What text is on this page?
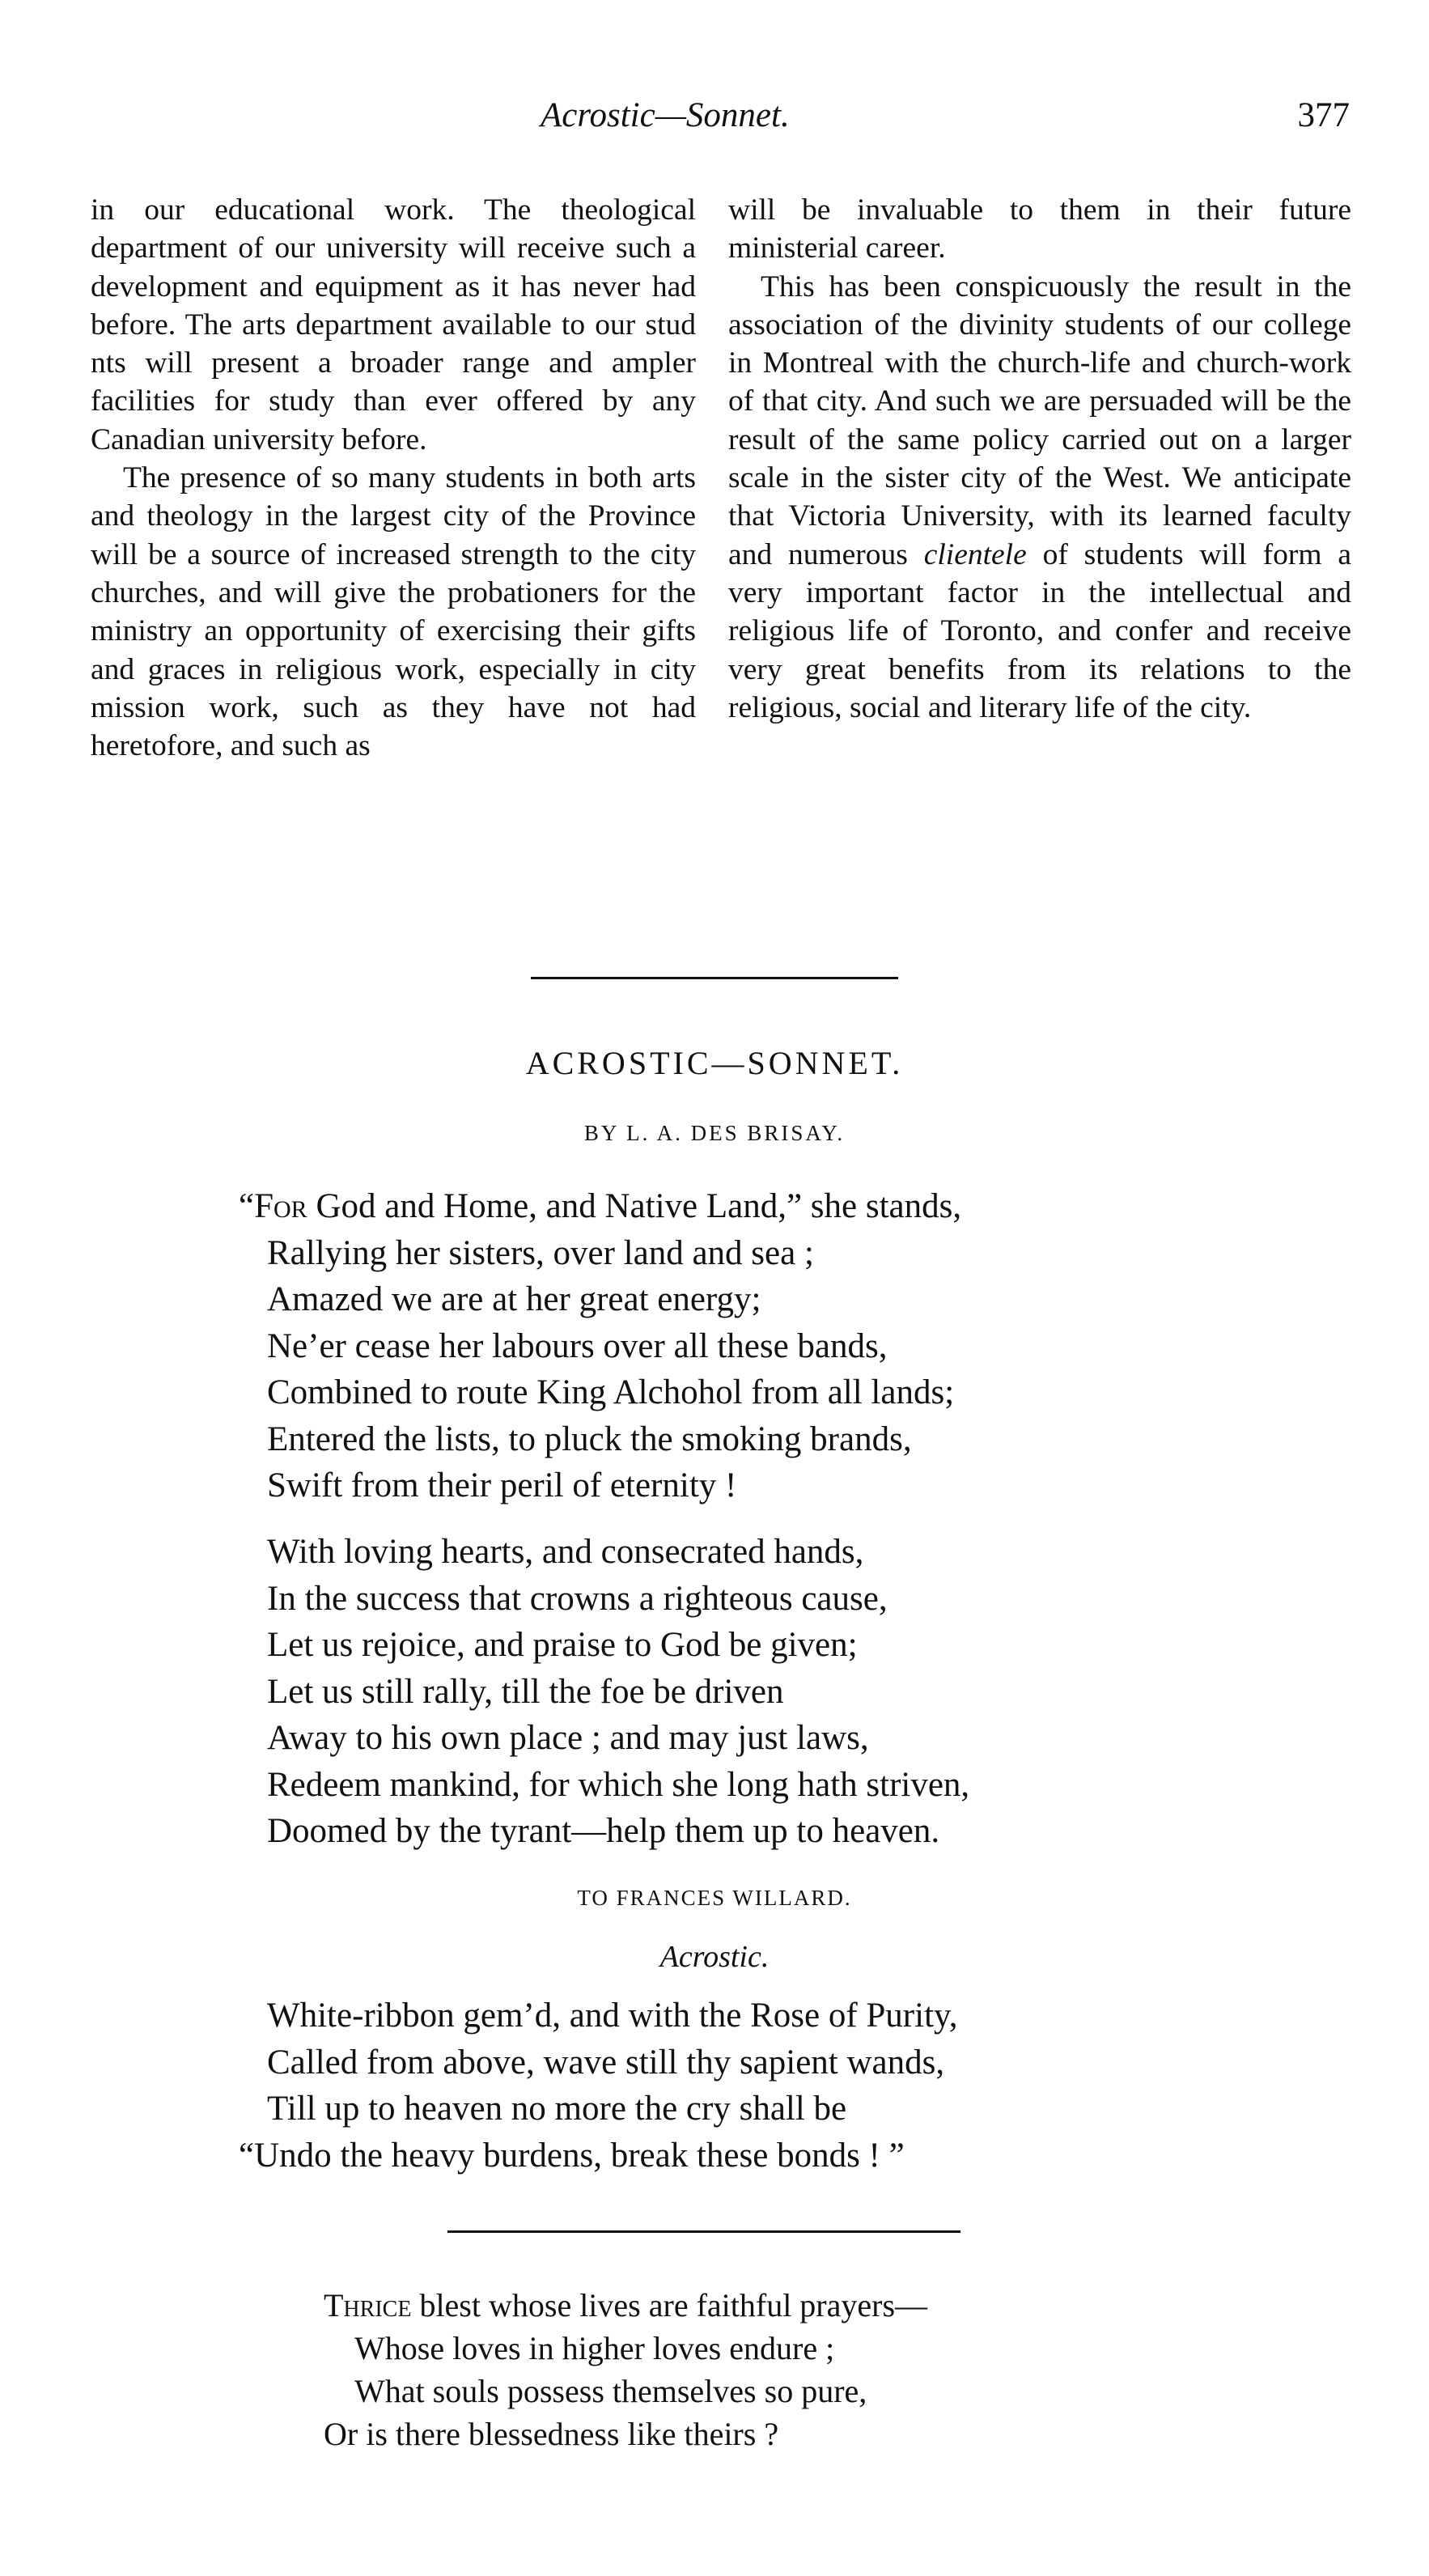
Acrostic—Sonnet.	377

in our educational work. The theological department of our university will receive such a development and equipment as it has never had before. The arts department available to our stud nts will present a broader range and ampler facilities for study than ever offered by any Canadian university before.

The presence of so many students in both arts and theology in the largest city of the Province will be a source of increased strength to the city churches, and will give the probationers for the ministry an opportunity of exercising their gifts and graces in religious work, especially in city mission work, such as they have not had heretofore, and such as

will be invaluable to them in their future ministerial career.

This has been conspicuously the result in the association of the divinity students of our college in Montreal with the church-life and church-work of that city. And such we are persuaded will be the result of the same policy carried out on a larger scale in the sister city of the West. We anticipate that Victoria University, with its learned faculty and numerous clientele of students will form a very important factor in the intellectual and religious life of Toronto, and confer and receive very great benefits from its relations to the religious, social and literary life of the city.

ACROSTIC—SONNET.
BY L. A. DES BRISAY.
“For God and Home, and Native Land,” she stands,
Rallying her sisters, over land and sea ;
Amazed we are at her great energy;
Ne’er cease her labours over all these bands,
Combined to route King Alchohol from all lands;
Entered the lists, to pluck the smoking brands,
Swift from their peril of eternity !
With loving hearts, and consecrated hands,
In the success that crowns a righteous cause,
Let us rejoice, and praise to God be given;
Let us still rally, till the foe be driven
Away to his own place ; and may just laws,
Redeem mankind, for which she long hath striven,
Doomed by the tyrant—help them up to heaven.
TO FRANCES WILLARD.
Acrostic.
White-ribbon gem’d, and with the Rose of Purity,
Called from above, wave still thy sapient wands,
Till up to heaven no more the cry shall be
“Undo the heavy burdens, break these bonds ! ”
Thrice blest whose lives are faithful prayers—
Whose loves in higher loves endure ;
What souls possess themselves so pure,
Or is there blessedness like theirs ?
